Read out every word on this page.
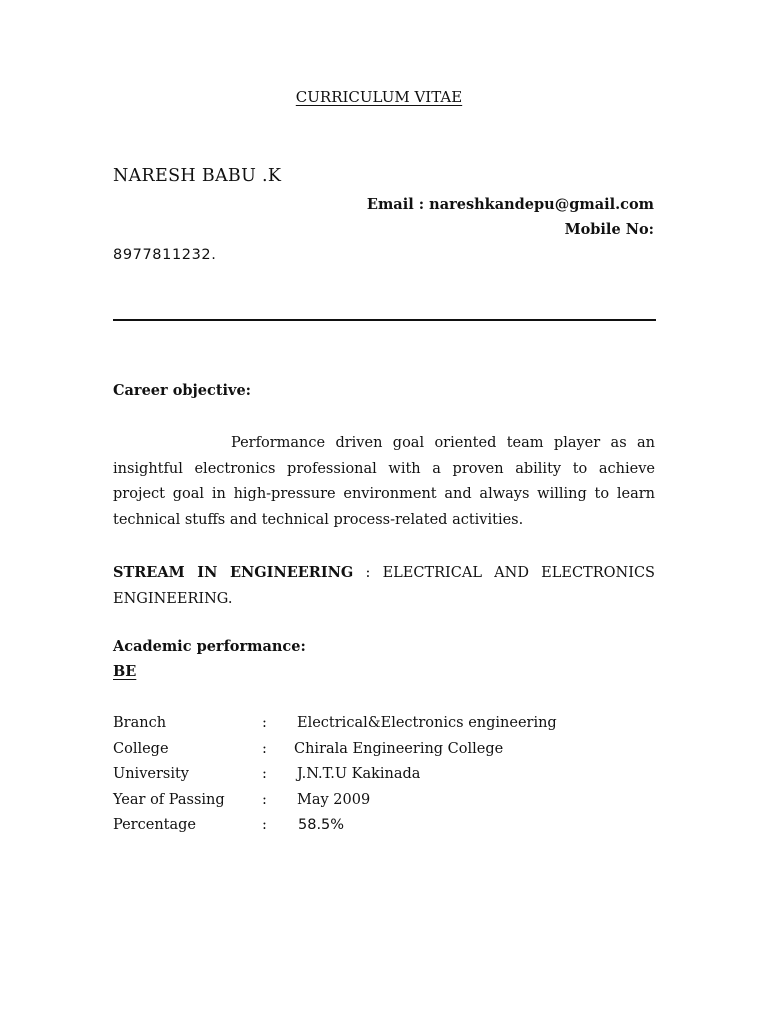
CURRICULUM VITAE
NARESH BABU .K
Email : nareshkandepu@gmail.com
Mobile No:
8977811232.
Career objective:
Performance driven goal oriented team player as an insightful electronics professional with a proven ability to achieve project goal in high-pressure environment and always willing to learn technical stuffs and technical process-related activities.
STREAM IN ENGINEERING : ELECTRICAL AND ELECTRONICS ENGINEERING.
Academic performance:
BE
Branch	: Electrical&Electronics engineering
College	: Chirala Engineering College
University	: J.N.T.U Kakinada
Year of Passing	: May 2009
Percentage	: 58.5%
